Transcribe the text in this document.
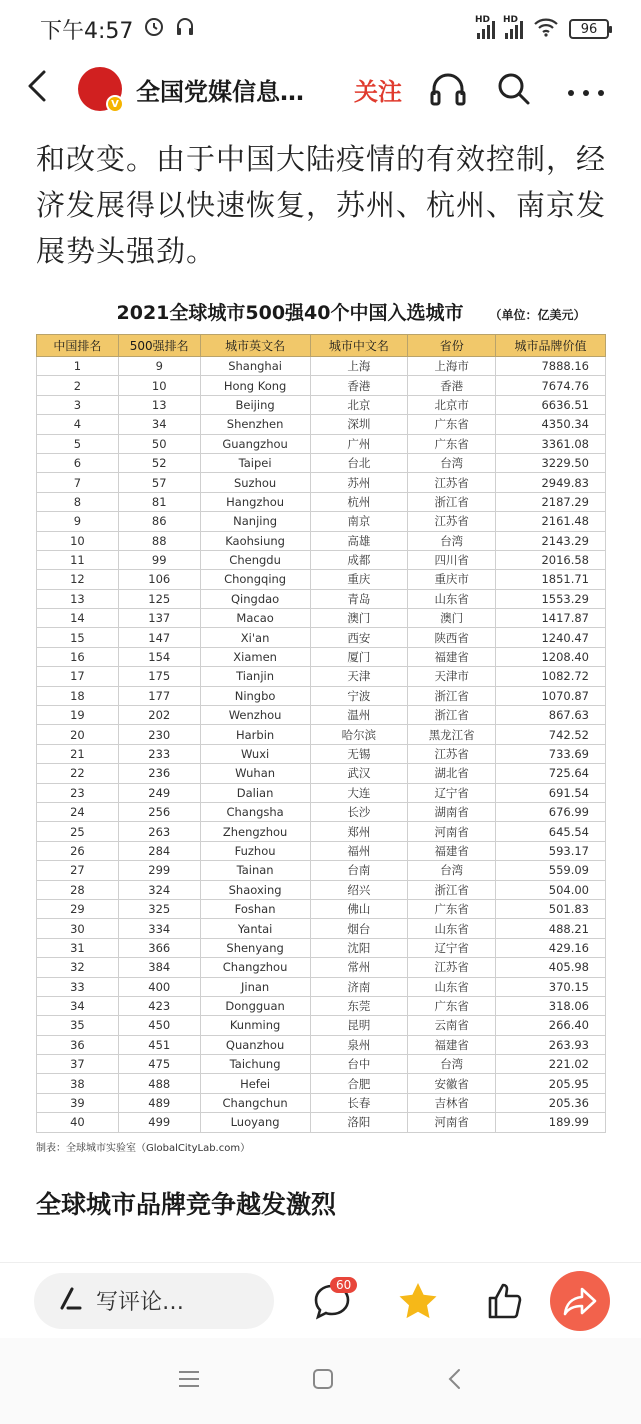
下午4:57	HD HD
96
V 全国党媒信息…	关注

和改变。由于中国大陆疫情的有效控制，经济发展得以快速恢复，苏州、杭州、南京发展势头强劲。

2021全球城市500强40个中国入选城市 （单位：亿美元）
中国排名	500强排名	城市英文名	城市中文名	省份	城市品牌价值
1	9	Shanghai	上海	上海市	7888.16
2	10	Hong Kong	香港	香港	7674.76
3	13	Beijing	北京	北京市	6636.51
4	34	Shenzhen	深圳	广东省	4350.34
5	50	Guangzhou	广州	广东省	3361.08
6	52	Taipei	台北	台湾	3229.50
7	57	Suzhou	苏州	江苏省	2949.83
8	81	Hangzhou	杭州	浙江省	2187.29
9	86	Nanjing	南京	江苏省	2161.48
10	88	Kaohsiung	高雄	台湾	2143.29
11	99	Chengdu	成都	四川省	2016.58
12	106	Chongqing	重庆	重庆市	1851.71
13	125	Qingdao	青岛	山东省	1553.29
14	137	Macao	澳门	澳门	1417.87
15	147	Xi'an	西安	陕西省	1240.47
16	154	Xiamen	厦门	福建省	1208.40
17	175	Tianjin	天津	天津市	1082.72
18	177	Ningbo	宁波	浙江省	1070.87
19	202	Wenzhou	温州	浙江省	867.63
20	230	Harbin	哈尔滨	黑龙江省	742.52
21	233	Wuxi	无锡	江苏省	733.69
22	236	Wuhan	武汉	湖北省	725.64
23	249	Dalian	大连	辽宁省	691.54
24	256	Changsha	长沙	湖南省	676.99
25	263	Zhengzhou	郑州	河南省	645.54
26	284	Fuzhou	福州	福建省	593.17
27	299	Tainan	台南	台湾	559.09
28	324	Shaoxing	绍兴	浙江省	504.00
29	325	Foshan	佛山	广东省	501.83
30	334	Yantai	烟台	山东省	488.21
31	366	Shenyang	沈阳	辽宁省	429.16
32	384	Changzhou	常州	江苏省	405.98
33	400	Jinan	济南	山东省	370.15
34	423	Dongguan	东莞	广东省	318.06
35	450	Kunming	昆明	云南省	266.40
36	451	Quanzhou	泉州	福建省	263.93
37	475	Taichung	台中	台湾	221.02
38	488	Hefei	合肥	安徽省	205.95
39	489	Changchun	长春	吉林省	205.36
40	499	Luoyang	洛阳	河南省	189.99
制表：全球城市实验室（GlobalCityLab.com）
全球城市品牌竞争越发激烈
写评论…
60
